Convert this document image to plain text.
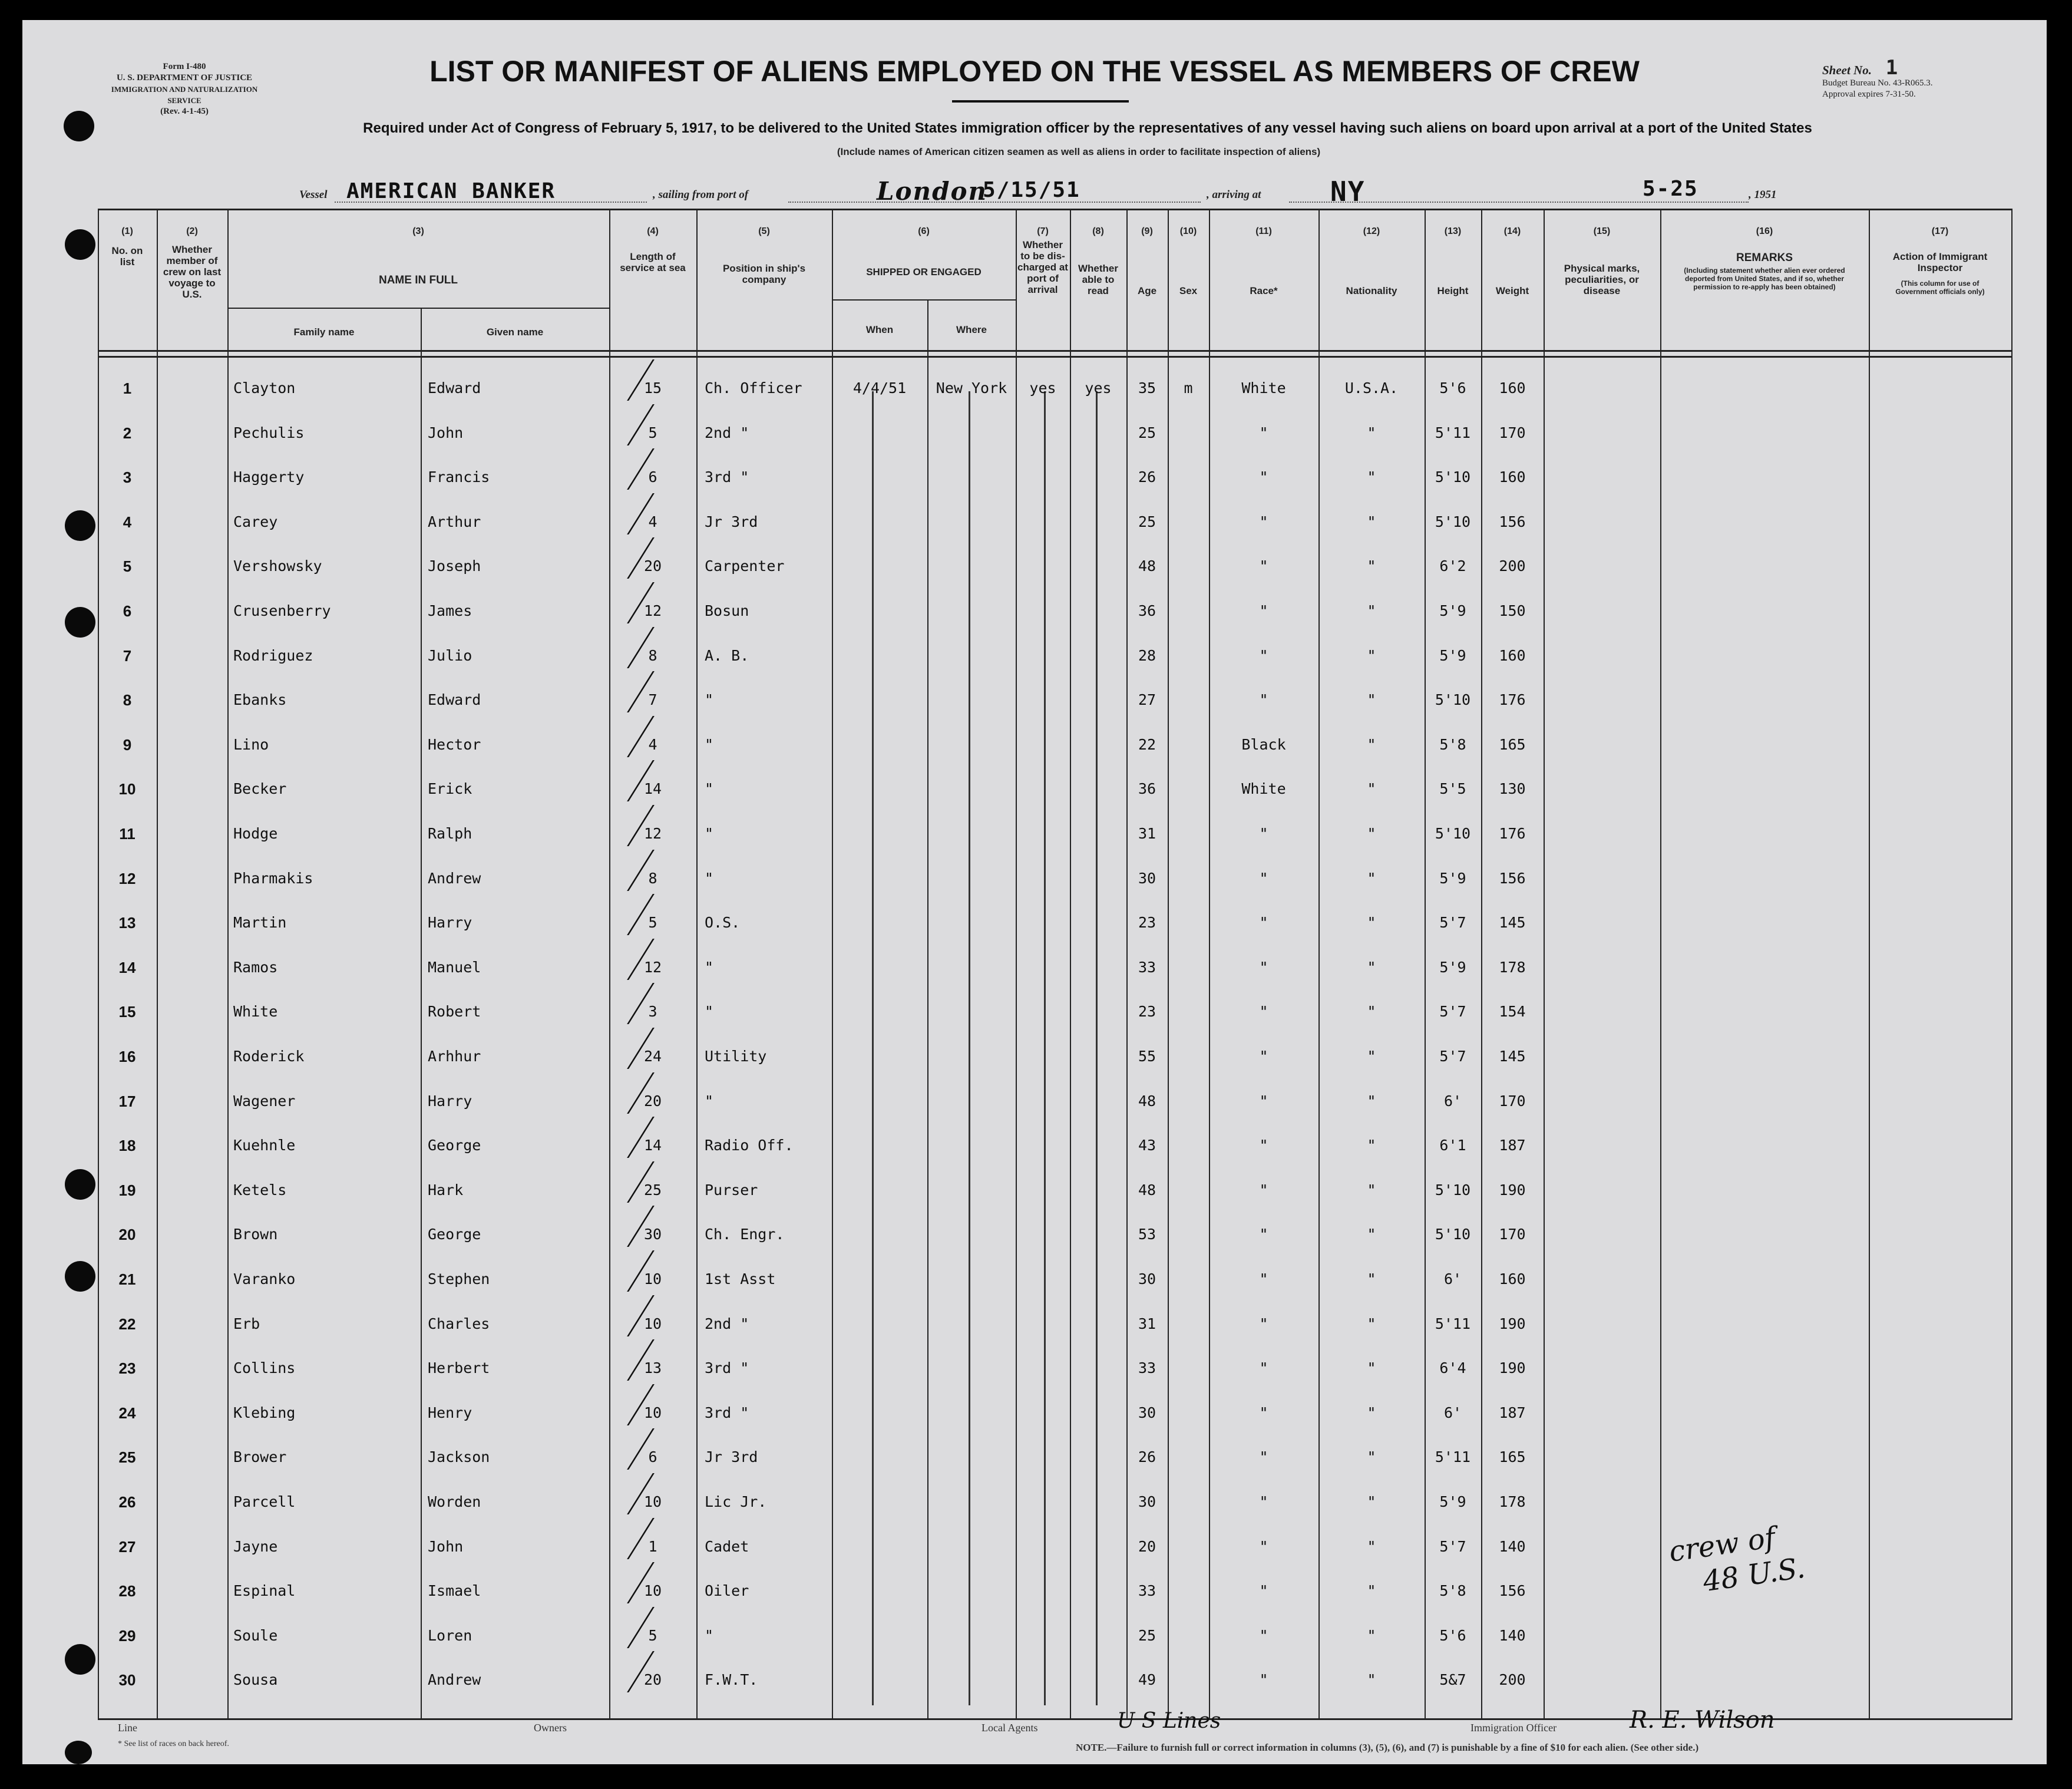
Form I-480
U. S. DEPARTMENT OF JUSTICE
IMMIGRATION AND NATURALIZATION SERVICE
(Rev. 4-1-45)
Sheet No. 1
Budget Bureau No. 43-R065.3.
Approval expires 7-31-50.
LIST OR MANIFEST OF ALIENS EMPLOYED ON THE VESSEL AS MEMBERS OF CREW
Required under Act of Congress of February 5, 1917, to be delivered to the United States immigration officer by the representatives of any vessel having such aliens on board upon arrival at a port of the United States
(Include names of American citizen seamen as well as aliens in order to facilitate inspection of aliens)
Vessel AMERICAN BANKER	, sailing from port of	London
5/15/51	, arriving at	NY	5-25	, 1951
(1)	(2)	(3)	(4)	(5)	(6)	(7)	(8)	(9)	(10)	(11)	(12)	(13)	(14)	(15)	(16)	(17)
No. on list
Whether member of crew on last voyage to U.S.
NAME IN FULL
Family name	Given name
Length of service at sea	Position in ship's company
SHIPPED OR ENGAGED
When	Where
Whether to be dis-charged at port of arrival
Whether able to read	Age	Sex	Race*	Nationality	Height	Weight
Physical marks, peculiarities, or disease
REMARKS
(Including statement whether alien ever ordered deported from United States, and if so, whether permission to re-apply has been obtained)
Action of Immigrant Inspector
(This column for use of Government officials only)
1	Clayton	Edward	15	Ch. Officer	4/4/51	New York	yes	yes	35	m	White	U.S.A.	5'6	160
2	Pechulis	John	5	2nd "	25	"	"	5'11	170
3	Haggerty	Francis	6	3rd "	26	"	"	5'10	160
4	Carey	Arthur	4	Jr 3rd	25	"	"	5'10	156
5	Vershowsky	Joseph	20	Carpenter	48	"	"	6'2	200
6	Crusenberry	James	12	Bosun	36	"	"	5'9	150
7	Rodriguez	Julio	8	A. B.	28	"	"	5'9	160
8	Ebanks	Edward	7	"	27	"	"	5'10	176
9	Lino	Hector	4	"	22	Black	"	5'8	165
10	Becker	Erick	14	"	36	White	"	5'5	130
11	Hodge	Ralph	12	"	31	"	"	5'10	176
12	Pharmakis	Andrew	8	"	30	"	"	5'9	156
13	Martin	Harry	5	O.S.	23	"	"	5'7	145
14	Ramos	Manuel	12	"	33	"	"	5'9	178
15	White	Robert	3	"	23	"	"	5'7	154
16	Roderick	Arhhur	24	Utility	55	"	"	5'7	145
17	Wagener	Harry	20	"	48	"	"	6'	170
18	Kuehnle	George	14	Radio Off.	43	"	"	6'1	187
19	Ketels	Hark	25	Purser	48	"	"	5'10	190
20	Brown	George	30	Ch. Engr.	53	"	"	5'10	170
21	Varanko	Stephen	10	1st Asst	30	"	"	6'	160
22	Erb	Charles	10	2nd "	31	"	"	5'11	190
23	Collins	Herbert	13	3rd "	33	"	"	6'4	190
24	Klebing	Henry	10	3rd "	30	"	"	6'	187
25	Brower	Jackson	6	Jr 3rd	26	"	"	5'11	165
26	Parcell	Worden	10	Lic Jr.	30	"	"	5'9	178
27	Jayne	John	1	Cadet	20	"	"	5'7	140
28	Espinal	Ismael	10	Oiler	33	"	"	5'8	156
29	Soule	Loren	5	"	25	"	"	5'6	140
30	Sousa	Andrew	20	F.W.T.	49	"	"	5&7	200
crew of
48 U.S.
Line	Owners	Local Agents	U S Lines	Immigration Officer	R. E. Wilson
* See list of races on back hereof.	NOTE.—Failure to furnish full or correct information in columns (3), (5), (6), and (7) is punishable by a fine of $10 for each alien. (See other side.)
